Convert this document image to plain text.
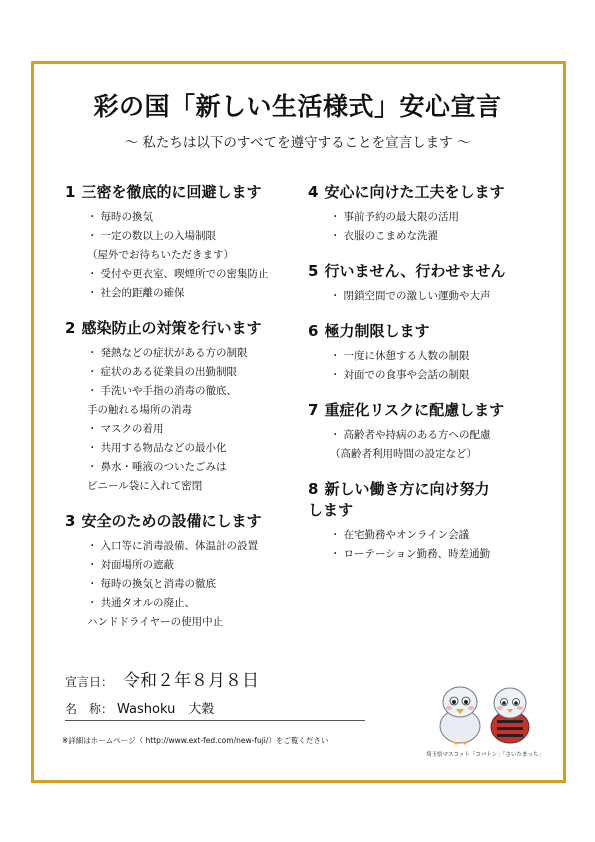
彩の国「新しい生活様式」安心宣言
～ 私たちは以下のすべてを遵守することを宣言します ～
1 三密を徹底的に回避します
・ 毎時の換気
・ 一定の数以上の入場制限
（屋外でお待ちいただきます）
・ 受付や更衣室、喫煙所での密集防止
・ 社会的距離の確保
2 感染防止の対策を行います
・ 発熱などの症状がある方の制限
・ 症状のある従業員の出勤制限
・ 手洗いや手指の消毒の徹底、
手の触れる場所の消毒
・ マスクの着用
・ 共用する物品などの最小化
・ 鼻水・唾液のついたごみは
ビニール袋に入れて密閉
3 安全のための設備にします
・ 入口等に消毒設備、体温計の設置
・ 対面場所の遮蔽
・ 毎時の換気と消毒の徹底
・ 共通タオルの廃止、
ハンドドライヤーの使用中止
4 安心に向けた工夫をします
・ 事前予約の最大限の活用
・ 衣服のこまめな洗濯
5 行いません、行わせません
・ 閉鎖空間での激しい運動や大声
6 極力制限します
・ 一度に休憩する人数の制限
・ 対面での食事や会話の制限
7 重症化リスクに配慮します
・ 高齢者や持病のある方への配慮
（高齢者利用時間の設定など）
8 新しい働き方に向け努力
します
・ 在宅勤務やオンライン会議
・ ローテーション勤務、時差通勤
宣言日： 令和２年８月８日
名　称： Washoku　大穀
※詳細はホームページ（ http://www.ext-fed.com/new-fuji/）をご覧ください
埼玉県マスコット「コバトン」「さいたまっち」
